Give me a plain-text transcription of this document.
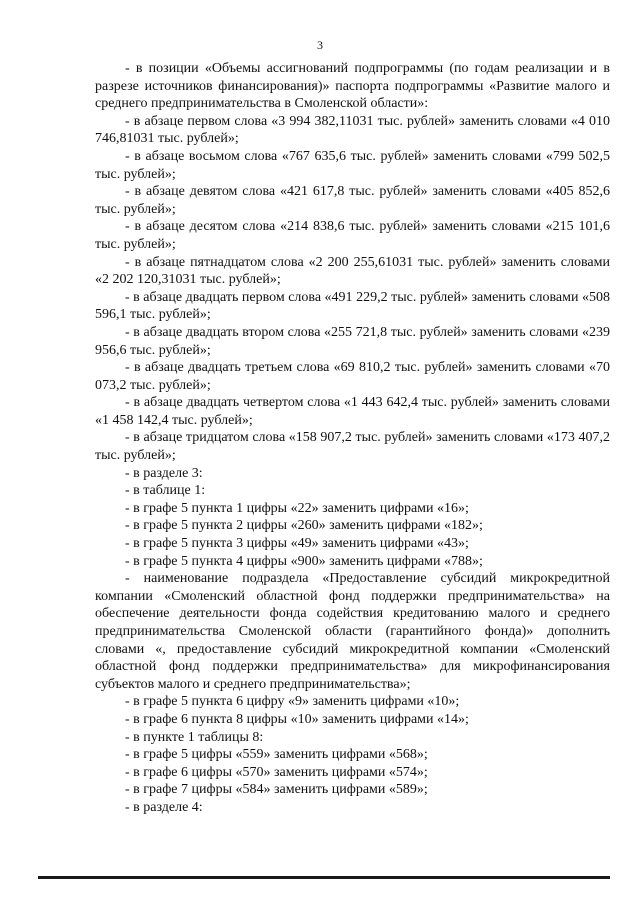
3

- в позиции «Объемы ассигнований подпрограммы (по годам реализации и в разрезе источников финансирования)» паспорта подпрограммы «Развитие малого и среднего предпринимательства в Смоленской области»:

- в абзаце первом слова «3 994 382,11031 тыс. рублей» заменить словами «4 010 746,81031 тыс. рублей»;

- в абзаце восьмом слова «767 635,6 тыс. рублей» заменить словами «799 502,5 тыс. рублей»;

- в абзаце девятом слова «421 617,8 тыс. рублей» заменить словами «405 852,6 тыс. рублей»;

- в абзаце десятом слова «214 838,6 тыс. рублей» заменить словами «215 101,6 тыс. рублей»;

- в абзаце пятнадцатом слова «2 200 255,61031 тыс. рублей» заменить словами «2 202 120,31031 тыс. рублей»;

- в абзаце двадцать первом слова «491 229,2 тыс. рублей» заменить словами «508 596,1 тыс. рублей»;

- в абзаце двадцать втором слова «255 721,8 тыс. рублей» заменить словами «239 956,6 тыс. рублей»;

- в абзаце двадцать третьем слова «69 810,2 тыс. рублей» заменить словами «70 073,2 тыс. рублей»;

- в абзаце двадцать четвертом слова «1 443 642,4 тыс. рублей» заменить словами «1 458 142,4 тыс. рублей»;

- в абзаце тридцатом слова «158 907,2 тыс. рублей» заменить словами «173 407,2 тыс. рублей»;

- в разделе 3:

- в таблице 1:

- в графе 5 пункта 1 цифры «22» заменить цифрами «16»;

- в графе 5 пункта 2 цифры «260» заменить цифрами «182»;

- в графе 5 пункта 3 цифры «49» заменить цифрами «43»;

- в графе 5 пункта 4 цифры «900» заменить цифрами «788»;

- наименование подраздела «Предоставление субсидий микрокредитной компании «Смоленский областной фонд поддержки предпринимательства» на обеспечение деятельности фонда содействия кредитованию малого и среднего предпринимательства Смоленской области (гарантийного фонда)» дополнить словами «, предоставление субсидий микрокредитной компании «Смоленский областной фонд поддержки предпринимательства» для микрофинансирования субъектов малого и среднего предпринимательства»;

- в графе 5 пункта 6 цифру «9» заменить цифрами «10»;

- в графе 6 пункта 8 цифры «10» заменить цифрами «14»;

- в пункте 1 таблицы 8:

- в графе 5 цифры «559» заменить цифрами «568»;

- в графе 6 цифры «570» заменить цифрами «574»;

- в графе 7 цифры «584» заменить цифрами «589»;

- в разделе 4:
